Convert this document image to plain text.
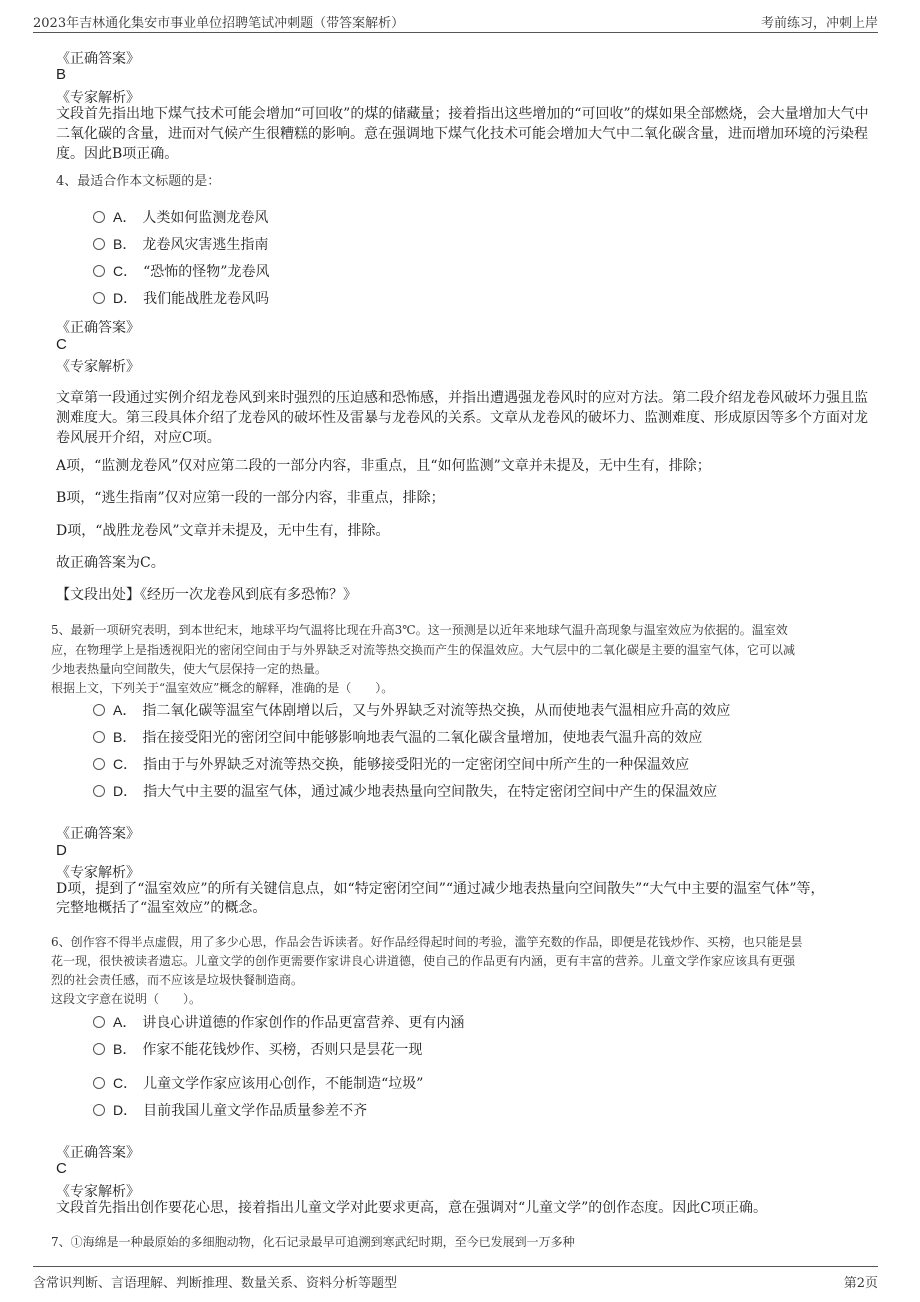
2023年吉林通化集安市事业单位招聘笔试冲刺题（带答案解析）	考前练习，冲刺上岸
《正确答案》
B
《专家解析》
文段首先指出地下煤气技术可能会增加“可回收”的煤的储藏量；接着指出这些增加的“可回收”的煤如果全部燃烧，会大量增加大气中二氧化碳的含量，进而对气候产生很糟糕的影响。意在强调地下煤气化技术可能会增加大气中二氧化碳含量，进而增加环境的污染程度。因此B项正确。
4、最适合作本文标题的是：
A． 人类如何监测龙卷风
B． 龙卷风灾害逃生指南
C． “恐怖的怪物”龙卷风
D． 我们能战胜龙卷风吗
《正确答案》
C
《专家解析》
文章第一段通过实例介绍龙卷风到来时强烈的压迫感和恐怖感，并指出遭遇强龙卷风时的应对方法。第二段介绍龙卷风破坏力强且监测难度大。第三段具体介绍了龙卷风的破坏性及雷暴与龙卷风的关系。文章从龙卷风的破坏力、监测难度、形成原因等多个方面对龙卷风展开介绍，对应C项。
A项，“监测龙卷风”仅对应第二段的一部分内容，非重点，且“如何监测”文章并未提及，无中生有，排除；
B项，“逃生指南”仅对应第一段的一部分内容，非重点，排除；
D项，“战胜龙卷风”文章并未提及，无中生有，排除。
故正确答案为C。
【文段出处】《经历一次龙卷风到底有多恐怖？》
5、最新一项研究表明，到本世纪末，地球平均气温将比现在升高3℃。这一预测是以近年来地球气温升高现象与温室效应为依据的。温室效
应，在物理学上是指透视阳光的密闭空间由于与外界缺乏对流等热交换而产生的保温效应。大气层中的二氧化碳是主要的温室气体，它可以减
少地表热量向空间散失，使大气层保持一定的热量。
根据上文，下列关于“温室效应”概念的解释，准确的是（　　）。
A． 指二氧化碳等温室气体剧增以后，又与外界缺乏对流等热交换，从而使地表气温相应升高的效应
B． 指在接受阳光的密闭空间中能够影响地表气温的二氧化碳含量增加，使地表气温升高的效应
C． 指由于与外界缺乏对流等热交换，能够接受阳光的一定密闭空间中所产生的一种保温效应
D． 指大气中主要的温室气体，通过减少地表热量向空间散失，在特定密闭空间中产生的保温效应
《正确答案》
D
《专家解析》
D项，提到了“温室效应”的所有关键信息点，如“特定密闭空间”“通过减少地表热量向空间散失”“大气中主要的温室气体”等，
完整地概括了“温室效应”的概念。
6、创作容不得半点虚假，用了多少心思，作品会告诉读者。好作品经得起时间的考验，滥竽充数的作品，即便是花钱炒作、买榜，也只能是昙
花一现，很快被读者遗忘。儿童文学的创作更需要作家讲良心讲道德，使自己的作品更有内涵，更有丰富的营养。儿童文学作家应该具有更强
烈的社会责任感，而不应该是垃圾快餐制造商。
这段文字意在说明（　　）。
A． 讲良心讲道德的作家创作的作品更富营养、更有内涵
B． 作家不能花钱炒作、买榜，否则只是昙花一现
C． 儿童文学作家应该用心创作，不能制造“垃圾”
D． 目前我国儿童文学作品质量参差不齐
《正确答案》
C
《专家解析》
文段首先指出创作要花心思，接着指出儿童文学对此要求更高，意在强调对“儿童文学”的创作态度。因此C项正确。
7、①海绵是一种最原始的多细胞动物，化石记录最早可追溯到寒武纪时期，至今已发展到一万多种
含常识判断、言语理解、判断推理、数量关系、资料分析等题型	第2页
